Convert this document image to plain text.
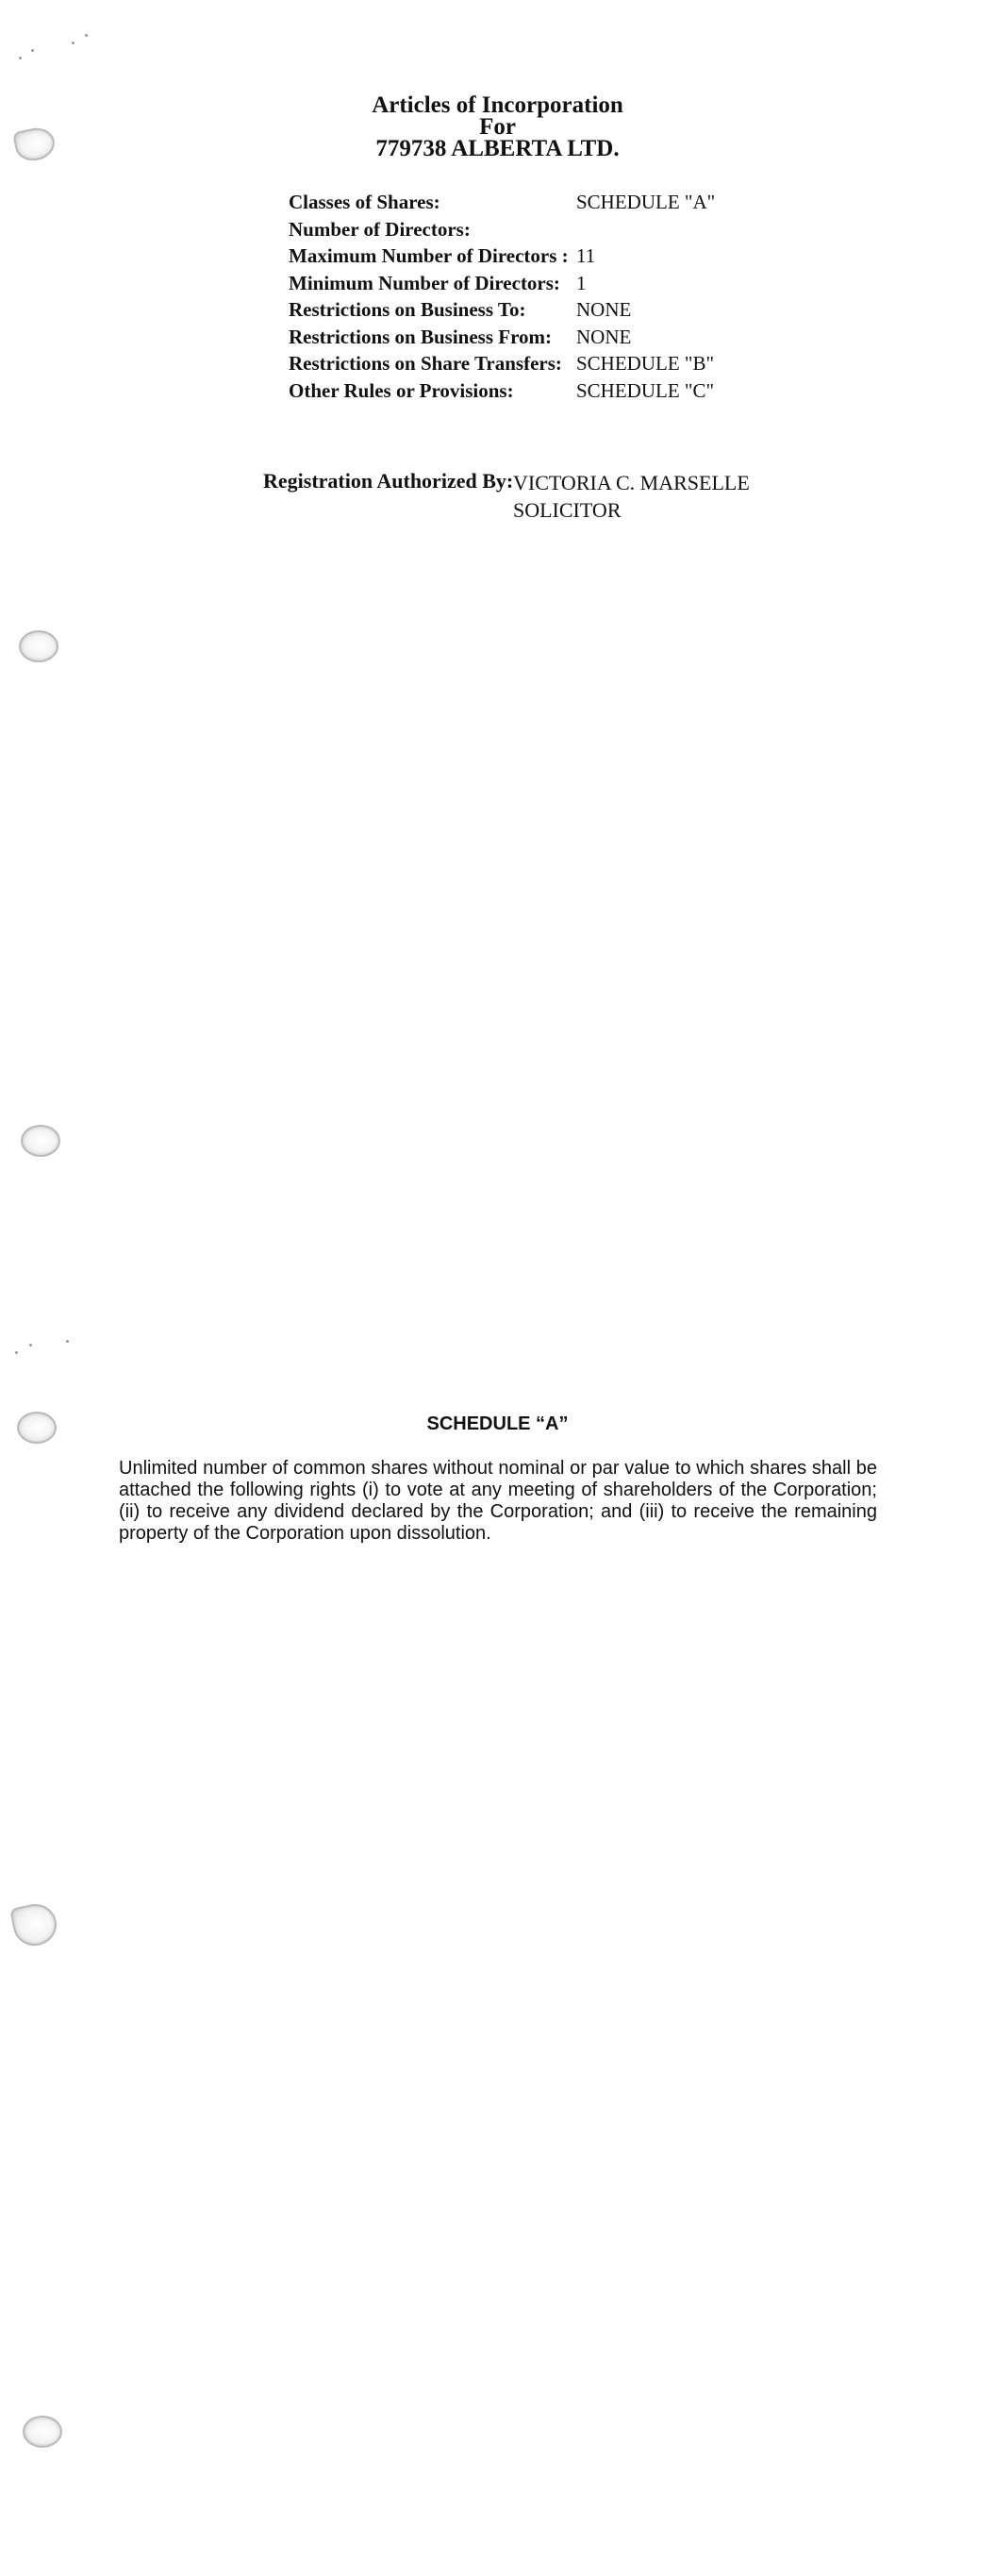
Articles of Incorporation
For
779738 ALBERTA LTD.
Classes of Shares:	SCHEDULE "A"
Number of Directors:
Maximum Number of Directors : 11
Minimum Number of Directors: 1
Restrictions on Business To:	NONE
Restrictions on Business From:	NONE
Restrictions on Share Transfers: SCHEDULE "B"
Other Rules or Provisions:	SCHEDULE "C"
Registration Authorized By: VICTORIA C. MARSELLE
SOLICITOR
SCHEDULE “A”
Unlimited number of common shares without nominal or par value to which shares shall be attached the following rights (i) to vote at any meeting of shareholders of the Corporation; (ii) to receive any dividend declared by the Corporation; and (iii) to receive the remaining property of the Corporation upon dissolution.
